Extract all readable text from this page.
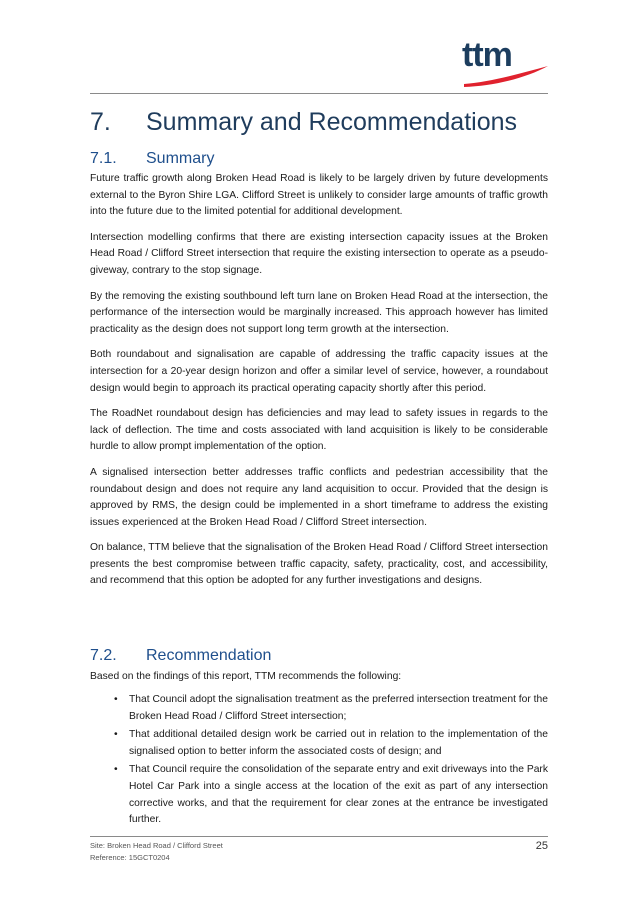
ttm
7. Summary and Recommendations
7.1. Summary

Future traffic growth along Broken Head Road is likely to be largely driven by future developments external to the Byron Shire LGA. Clifford Street is unlikely to consider large amounts of traffic growth into the future due to the limited potential for additional development.

Intersection modelling confirms that there are existing intersection capacity issues at the Broken Head Road / Clifford Street intersection that require the existing intersection to operate as a pseudo-giveway, contrary to the stop signage.

By the removing the existing southbound left turn lane on Broken Head Road at the intersection, the performance of the intersection would be marginally increased. This approach however has limited practicality as the design does not support long term growth at the intersection.

Both roundabout and signalisation are capable of addressing the traffic capacity issues at the intersection for a 20-year design horizon and offer a similar level of service, however, a roundabout design would begin to approach its practical operating capacity shortly after this period.

The RoadNet roundabout design has deficiencies and may lead to safety issues in regards to the lack of deflection. The time and costs associated with land acquisition is likely to be considerable hurdle to allow prompt implementation of the option.

A signalised intersection better addresses traffic conflicts and pedestrian accessibility that the roundabout design and does not require any land acquisition to occur. Provided that the design is approved by RMS, the design could be implemented in a short timeframe to address the existing issues experienced at the Broken Head Road / Clifford Street intersection.

On balance, TTM believe that the signalisation of the Broken Head Road / Clifford Street intersection presents the best compromise between traffic capacity, safety, practicality, cost, and accessibility, and recommend that this option be adopted for any further investigations and designs.

7.2. Recommendation
Based on the findings of this report, TTM recommends the following:
• That Council adopt the signalisation treatment as the preferred intersection treatment for the Broken Head Road / Clifford Street intersection;
• That additional detailed design work be carried out in relation to the implementation of the signalised option to better inform the associated costs of design; and
• That Council require the consolidation of the separate entry and exit driveways into the Park Hotel Car Park into a single access at the location of the exit as part of any intersection corrective works, and that the requirement for clear zones at the entrance be investigated further.
Site: Broken Head Road / Clifford Street
Reference: 15GCT0204
25
